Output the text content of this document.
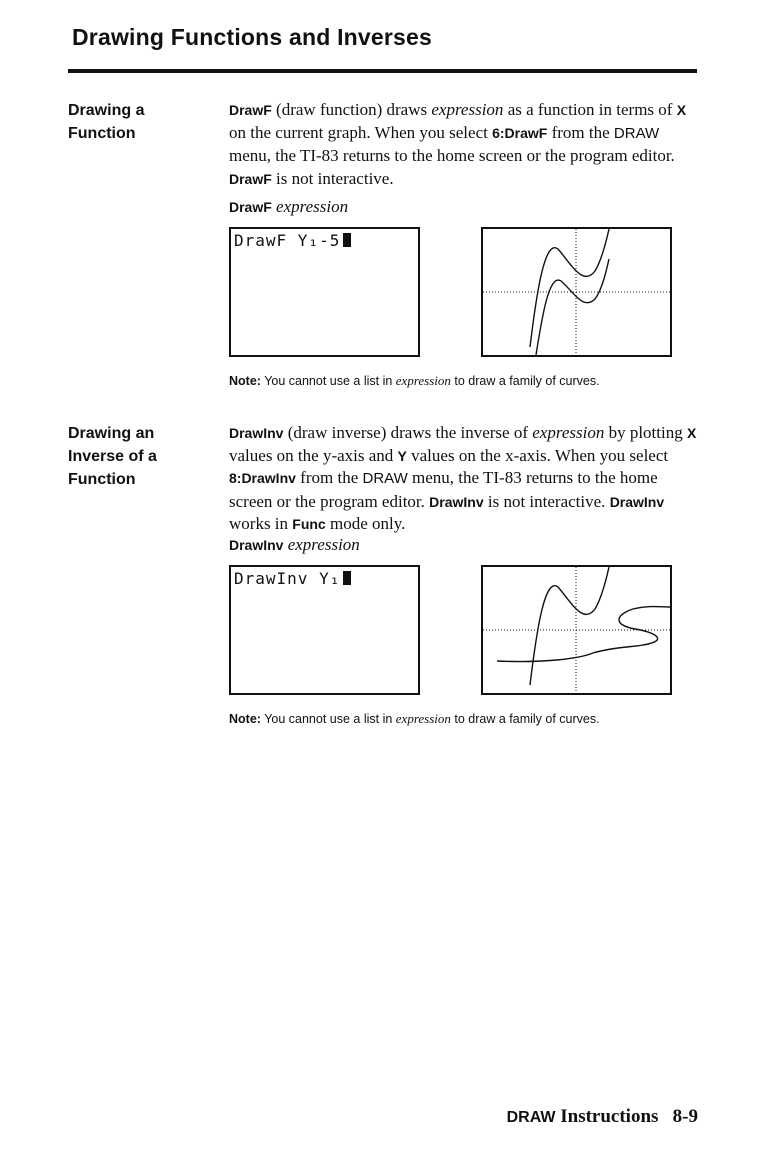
Drawing Functions and Inverses
Drawing a
Function
DrawF (draw function) draws expression as a function in terms of X on the current graph. When you select 6:DrawF from the DRAW menu, the TI-83 returns to the home screen or the program editor. DrawF is not interactive.
DrawF expression
DrawF Y₁-5
Note: You cannot use a list in expression to draw a family of curves.
Drawing an
Inverse of a
Function
DrawInv (draw inverse) draws the inverse of expression by plotting X values on the y-axis and Y values on the x-axis. When you select 8:DrawInv from the DRAW menu, the TI-83 returns to the home screen or the program editor. DrawInv is not interactive. DrawInv works in Func mode only.
DrawInv expression
DrawInv Y₁
Note: You cannot use a list in expression to draw a family of curves.
DRAW Instructions 8-9
